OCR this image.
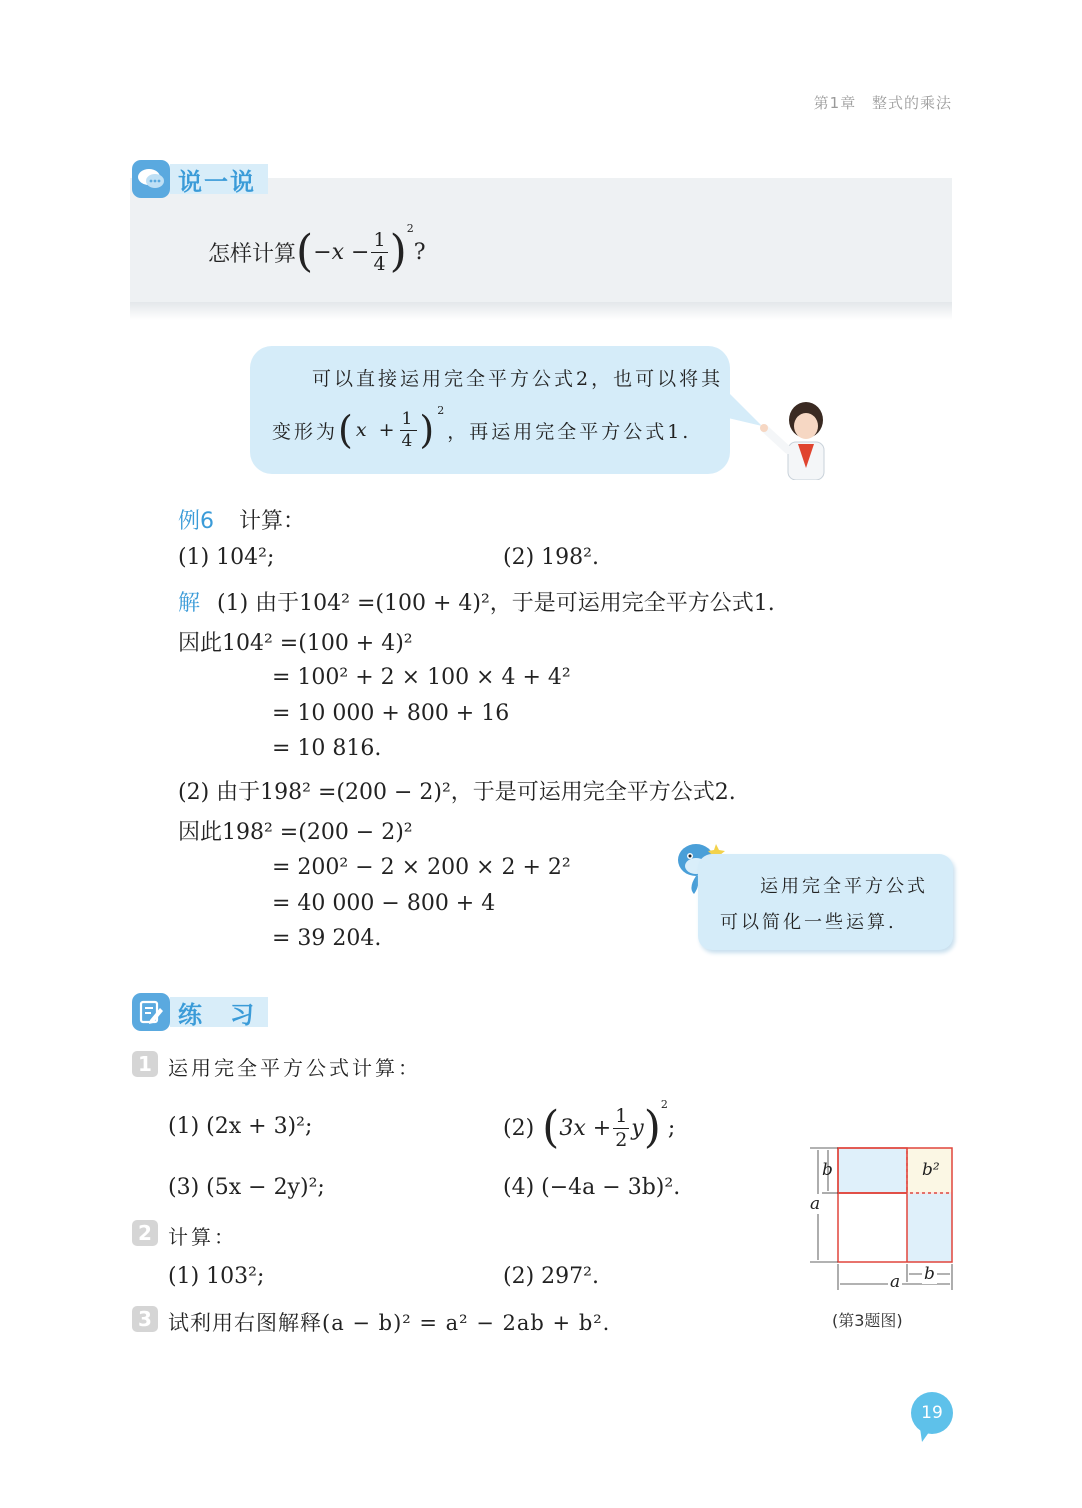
第1章 整式的乘法
说一说
怎样计算 ( $-x - \frac{1}{4} )^2$
?
可以直接运用完全平方公式2，也可以将其
变形为 ( $x + \frac{1}{4} )^2$
，再运用完全平方公式1.
例6 计算：
(1) 104²;	(2) 198².
解 (1) 由于104² =(100 + 4)²，于是可运用完全平方公式1.
因此104² =(100 + 4)²
= 100² + 2 × 100 × 4 + 4²
= 10 000 + 800 + 16
= 10 816.
(2) 由于198² =(200 − 2)²，于是可运用完全平方公式2.
因此198² =(200 − 2)²
= 200² − 2 × 200 × 2 + 2²
= 40 000 − 800 + 4
= 39 204.
运用完全平方公式
可以简化一些运算.
练　习
1 运用完全平方公式计算：
(1) (2x + 3)²;	(2) ( $3x + \frac{1}{2}$ y )$^2$
;
(3) (5x − 2y)²;	(4) (−4a − 3b)².
2 计算：
(1) 103²;	(2) 297².
3 试利用右图解释(a − b)² = a² − 2ab + b².
b
a
a b
b²
(第3题图)
19
